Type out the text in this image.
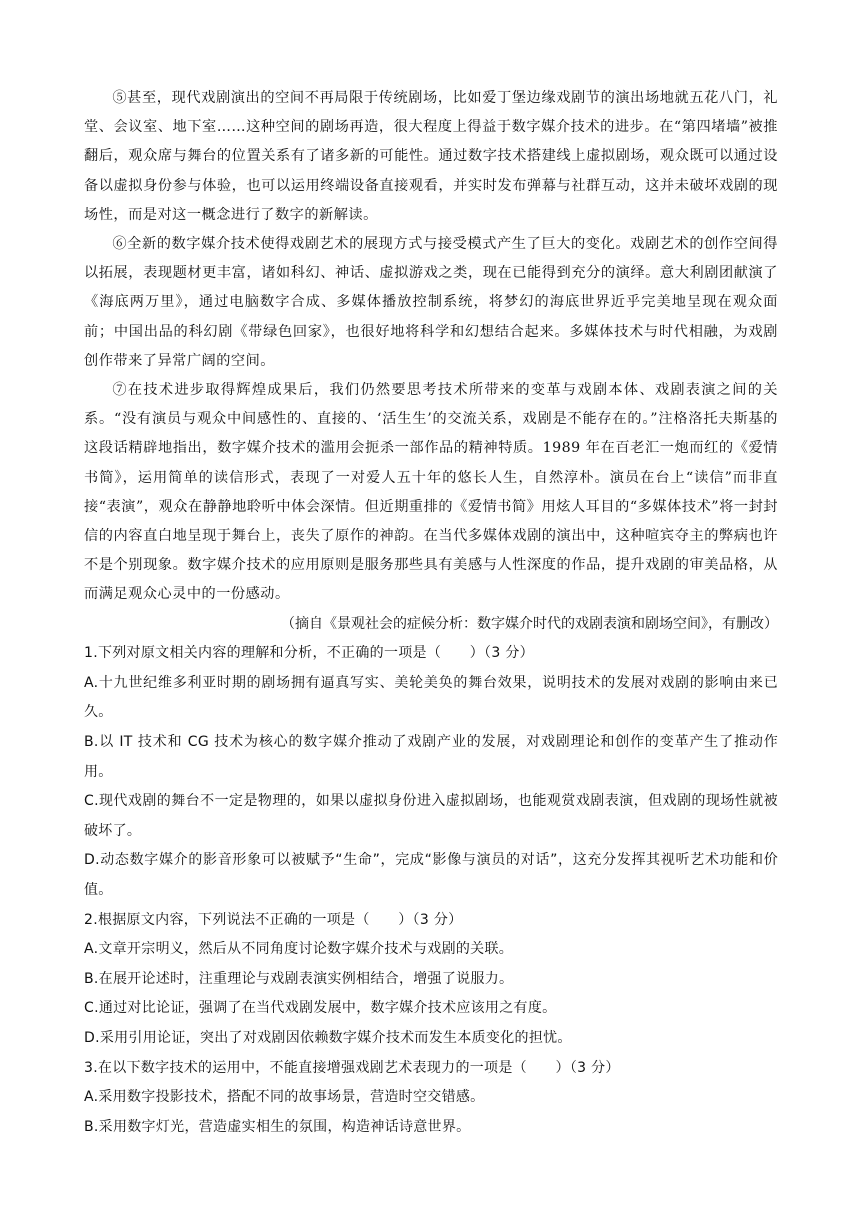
⑤甚至，现代戏剧演出的空间不再局限于传统剧场，比如爱丁堡边缘戏剧节的演出场地就五花八门，礼堂、会议室、地下室……这种空间的剧场再造，很大程度上得益于数字媒介技术的进步。在“第四堵墙”被推翻后，观众席与舞台的位置关系有了诸多新的可能性。通过数字技术搭建线上虚拟剧场，观众既可以通过设备以虚拟身份参与体验，也可以运用终端设备直接观看，并实时发布弹幕与社群互动，这并未破坏戏剧的现场性，而是对这一概念进行了数字的新解读。

⑥全新的数字媒介技术使得戏剧艺术的展现方式与接受模式产生了巨大的变化。戏剧艺术的创作空间得以拓展，表现题材更丰富，诸如科幻、神话、虚拟游戏之类，现在已能得到充分的演绎。意大利剧团献演了《海底两万里》，通过电脑数字合成、多媒体播放控制系统，将梦幻的海底世界近乎完美地呈现在观众面前；中国出品的科幻剧《带绿色回家》，也很好地将科学和幻想结合起来。多媒体技术与时代相融，为戏剧创作带来了异常广阔的空间。

⑦在技术进步取得辉煌成果后，我们仍然要思考技术所带来的变革与戏剧本体、戏剧表演之间的关系。“没有演员与观众中间感性的、直接的、‘活生生’的交流关系，戏剧是不能存在的。”注格洛托夫斯基的这段话精辟地指出，数字媒介技术的滥用会扼杀一部作品的精神特质。1989 年在百老汇一炮而红的《爱情书简》，运用简单的读信形式，表现了一对爱人五十年的悠长人生，自然淳朴。演员在台上“读信”而非直接“表演”，观众在静静地聆听中体会深情。但近期重排的《爱情书简》用炫人耳目的“多媒体技术”将一封封信的内容直白地呈现于舞台上，丧失了原作的神韵。在当代多媒体戏剧的演出中，这种喧宾夺主的弊病也许不是个别现象。数字媒介技术的应用原则是服务那些具有美感与人性深度的作品，提升戏剧的审美品格，从而满足观众心灵中的一份感动。

（摘自《景观社会的症候分析：数字媒介时代的戏剧表演和剧场空间》，有删改）

1.下列对原文相关内容的理解和分析，不正确的一项是（　　）（3 分）

A.十九世纪维多利亚时期的剧场拥有逼真写实、美轮美奂的舞台效果，说明技术的发展对戏剧的影响由来已久。

B.以 IT 技术和 CG 技术为核心的数字媒介推动了戏剧产业的发展，对戏剧理论和创作的变革产生了推动作用。

C.现代戏剧的舞台不一定是物理的，如果以虚拟身份进入虚拟剧场，也能观赏戏剧表演，但戏剧的现场性就被破坏了。

D.动态数字媒介的影音形象可以被赋予“生命”，完成“影像与演员的对话”，这充分发挥其视听艺术功能和价值。

2.根据原文内容，下列说法不正确的一项是（　　）（3 分）

A.文章开宗明义，然后从不同角度讨论数字媒介技术与戏剧的关联。

B.在展开论述时，注重理论与戏剧表演实例相结合，增强了说服力。

C.通过对比论证，强调了在当代戏剧发展中，数字媒介技术应该用之有度。

D.采用引用论证，突出了对戏剧因依赖数字媒介技术而发生本质变化的担忧。

3.在以下数字技术的运用中，不能直接增强戏剧艺术表现力的一项是（　　）（3 分）

A.采用数字投影技术，搭配不同的故事场景，营造时空交错感。

B.采用数字灯光，营造虚实相生的氛围，构造神话诗意世界。
